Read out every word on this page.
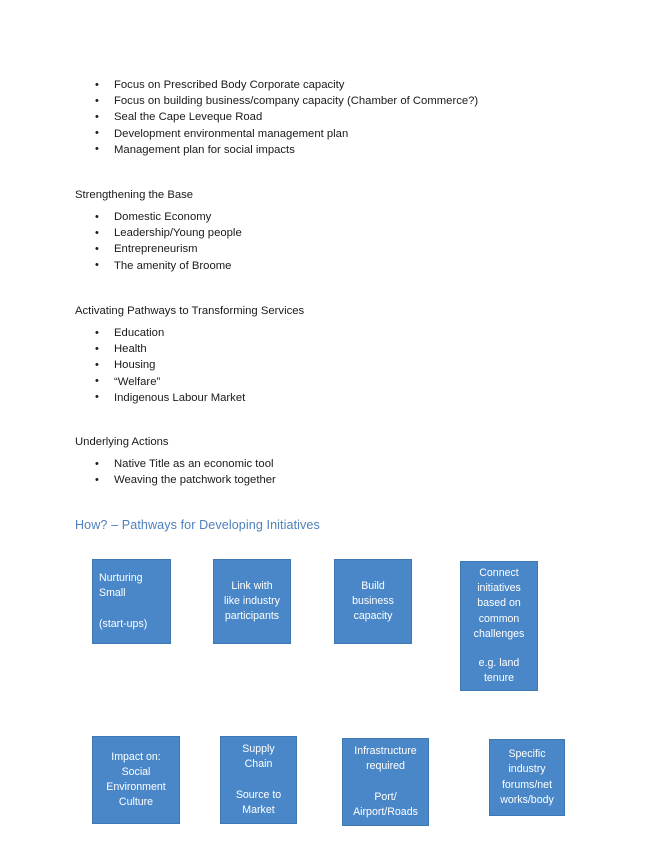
• Focus on Prescribed Body Corporate capacity
• Focus on building business/company capacity (Chamber of Commerce?)
• Seal the Cape Leveque Road
• Development environmental management plan
• Management plan for social impacts
Strengthening the Base
• Domestic Economy
• Leadership/Young people
• Entrepreneurism
• The amenity of Broome
Activating Pathways to Transforming Services
• Education
• Health
• Housing
• “Welfare”
• Indigenous Labour Market
Underlying Actions
• Native Title as an economic tool
• Weaving the patchwork together
How? – Pathways for Developing Initiatives
Nurturing
Small
(start-ups)
Link with
like industry
participants
Build
business
capacity
Connect
initiatives
based on
common
challenges
e.g. land
tenure
Impact on:
Social
Environment
Culture
Supply
Chain
Source to
Market
Infrastructure
required
Port/
Airport/Roads
Specific
industry
forums/net
works/body
